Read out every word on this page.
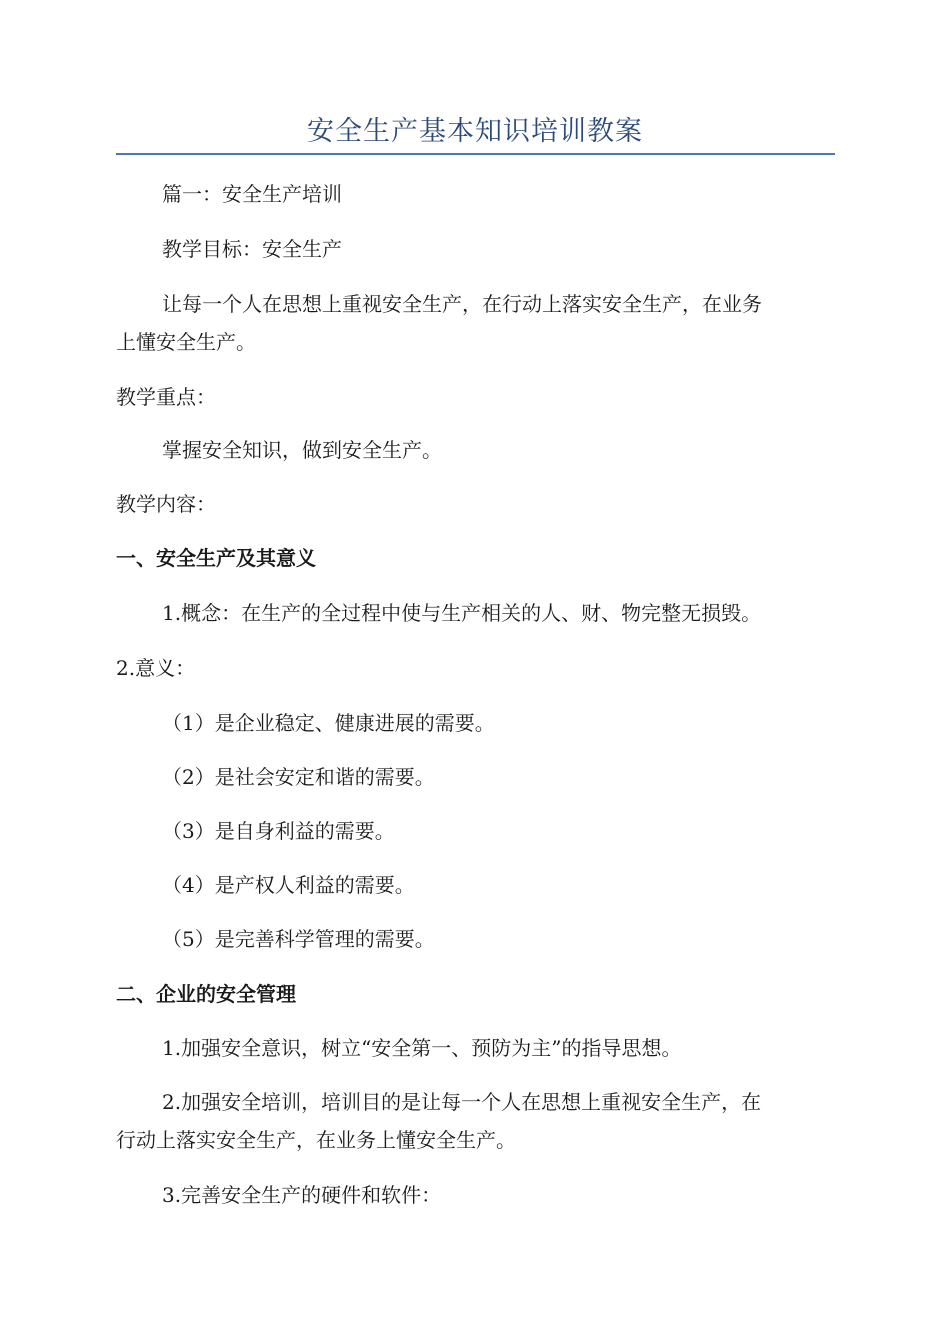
安全生产基本知识培训教案
篇一：安全生产培训
教学目标：安全生产
让每一个人在思想上重视安全生产，在行动上落实安全生产，在业务
上懂安全生产。
教学重点：
掌握安全知识，做到安全生产。
教学内容：
一、安全生产及其意义
1.概念：在生产的全过程中使与生产相关的人、财、物完整无损毁。
2.意义：
（1）是企业稳定、健康进展的需要。
（2）是社会安定和谐的需要。
（3）是自身利益的需要。
（4）是产权人利益的需要。
（5）是完善科学管理的需要。
二、企业的安全管理
1.加强安全意识，树立“安全第一、预防为主”的指导思想。
2.加强安全培训，培训目的是让每一个人在思想上重视安全生产，在
行动上落实安全生产，在业务上懂安全生产。
3.完善安全生产的硬件和软件：
